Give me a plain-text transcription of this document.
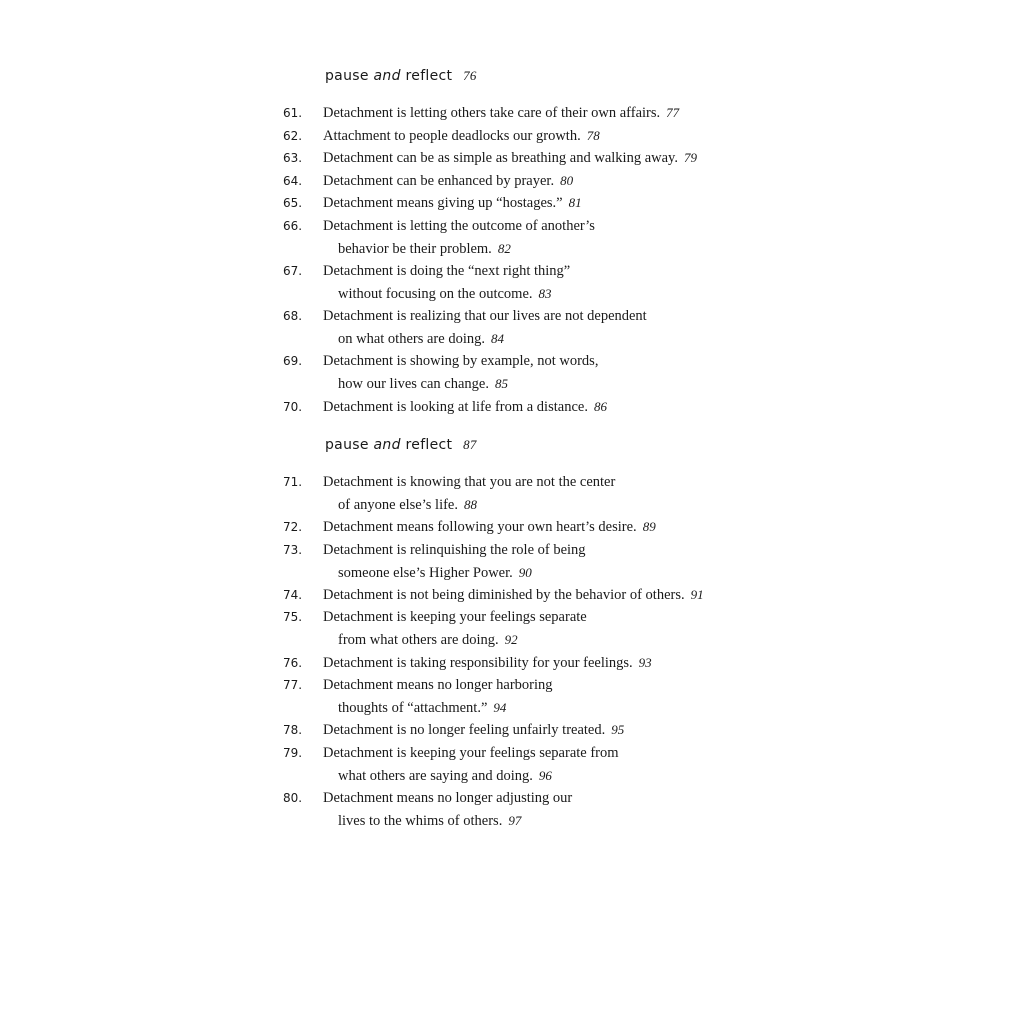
pause and reflect 76
61. Detachment is letting others take care of their own affairs. 77
62. Attachment to people deadlocks our growth. 78
63. Detachment can be as simple as breathing and walking away. 79
64. Detachment can be enhanced by prayer. 80
65. Detachment means giving up “hostages.” 81
66. Detachment is letting the outcome of another’s
behavior be their problem. 82
67. Detachment is doing the “next right thing”
without focusing on the outcome. 83
68. Detachment is realizing that our lives are not dependent
on what others are doing. 84
69. Detachment is showing by example, not words,
how our lives can change. 85
70. Detachment is looking at life from a distance. 86
pause and reflect 87
71. Detachment is knowing that you are not the center
of anyone else’s life. 88
72. Detachment means following your own heart’s desire. 89
73. Detachment is relinquishing the role of being
someone else’s Higher Power. 90
74. Detachment is not being diminished by the behavior of others. 91
75. Detachment is keeping your feelings separate
from what others are doing. 92
76. Detachment is taking responsibility for your feelings. 93
77. Detachment means no longer harboring
thoughts of “attachment.” 94
78. Detachment is no longer feeling unfairly treated. 95
79. Detachment is keeping your feelings separate from
what others are saying and doing. 96
80. Detachment means no longer adjusting our
lives to the whims of others. 97
